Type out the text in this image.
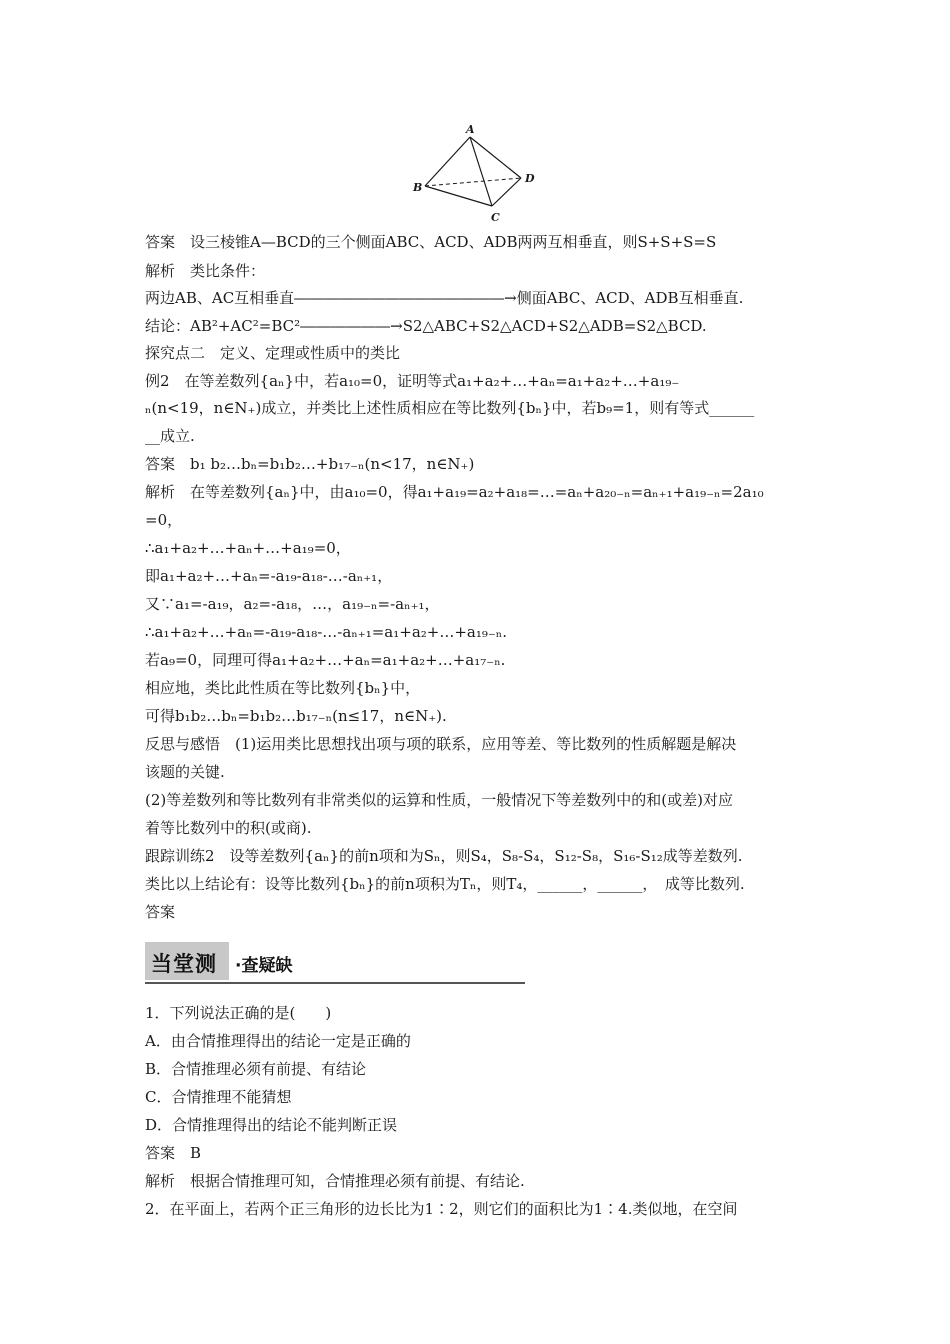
A
B
C
D
答案　设三棱锥A—BCD的三个侧面ABC、ACD、ADB两两互相垂直，则S+S+S=S
解析　类比条件：
两边AB、AC互相垂直――――――――――――――→侧面ABC、ACD、ADB互相垂直.
结论：AB²+AC²=BC²――――――→S2△ABC+S2△ACD+S2△ADB=S2△BCD.
探究点二　定义、定理或性质中的类比
例2　在等差数列{aₙ}中，若a₁₀=0，证明等式a₁+a₂+…+aₙ=a₁+a₂+…+a₁₉₋
ₙ(n<19，n∈N₊)成立，并类比上述性质相应在等比数列{bₙ}中，若b₉=1，则有等式______
__成立.
答案　b₁ b₂…bₙ=b₁b₂…+b₁₇₋ₙ(n<17，n∈N₊)
解析　在等差数列{aₙ}中，由a₁₀=0，得a₁+a₁₉=a₂+a₁₈=…=aₙ+a₂₀₋ₙ=aₙ₊₁+a₁₉₋ₙ=2a₁₀
=0，
∴a₁+a₂+…+aₙ+…+a₁₉=0，
即a₁+a₂+…+aₙ=-a₁₉-a₁₈-…-aₙ₊₁，
又∵a₁=-a₁₉，a₂=-a₁₈，…，a₁₉₋ₙ=-aₙ₊₁，
∴a₁+a₂+…+aₙ=-a₁₉-a₁₈-…-aₙ₊₁=a₁+a₂+…+a₁₉₋ₙ.
若a₉=0，同理可得a₁+a₂+…+aₙ=a₁+a₂+…+a₁₇₋ₙ.
相应地，类比此性质在等比数列{bₙ}中，
可得b₁b₂…bₙ=b₁b₂…b₁₇₋ₙ(n≤17，n∈N₊).
反思与感悟　(1)运用类比思想找出项与项的联系，应用等差、等比数列的性质解题是解决
该题的关键.
(2)等差数列和等比数列有非常类似的运算和性质，一般情况下等差数列中的和(或差)对应
着等比数列中的积(或商).
跟踪训练2　设等差数列{aₙ}的前n项和为Sₙ，则S₄，S₈-S₄，S₁₂-S₈，S₁₆-S₁₂成等差数列.
类比以上结论有：设等比数列{bₙ}的前n项积为Tₙ，则T₄，______，______，　成等比数列.
答案
当堂测 ·查疑缺
1．下列说法正确的是(　　)
A．由合情推理得出的结论一定是正确的
B．合情推理必须有前提、有结论
C．合情推理不能猜想
D．合情推理得出的结论不能判断正误
答案　B
解析　根据合情推理可知，合情推理必须有前提、有结论.
2．在平面上，若两个正三角形的边长比为1∶2，则它们的面积比为1∶4.类似地，在空间
